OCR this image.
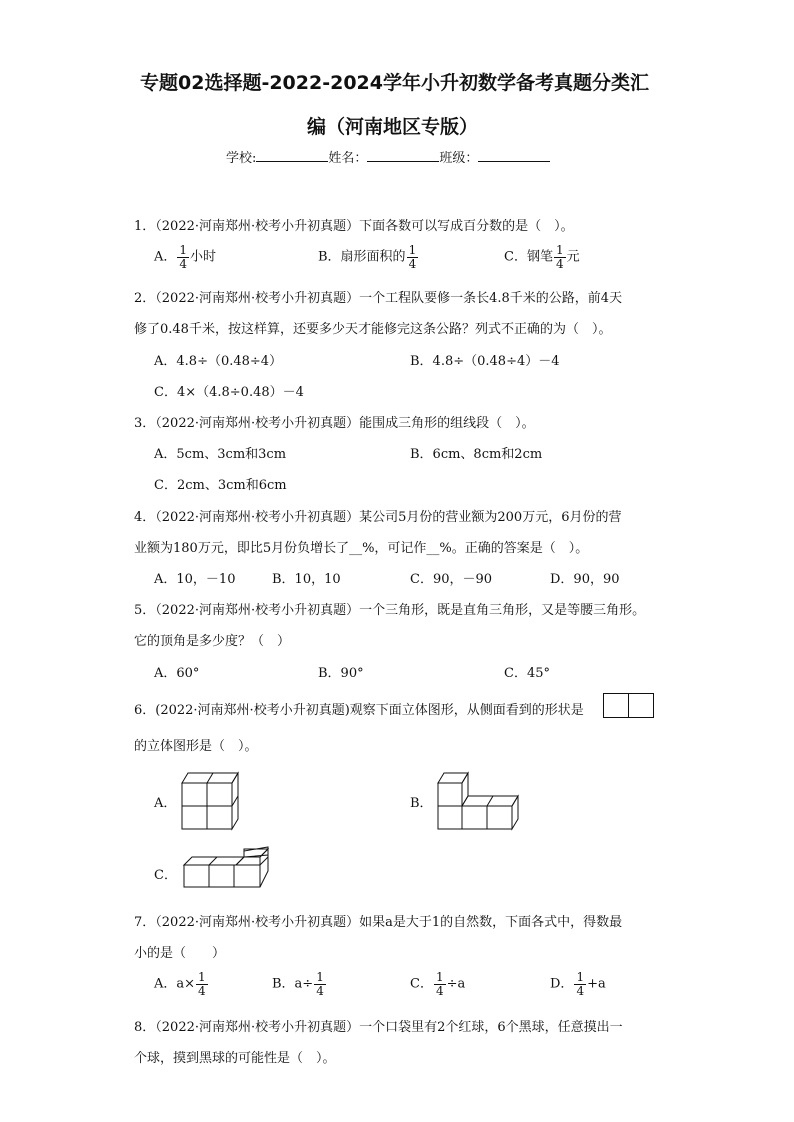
专题02选择题-2022-2024学年小升初数学备考真题分类汇
编（河南地区专版）
学校:	姓名：	班级：
1．（2022·河南郑州·校考小升初真题）下面各数可以写成百分数的是（　）。
A． $\frac{1}{4}$ 小时	B．扇形面积的 $\frac{1}{4}$	C．钢笔 $\frac{1}{4}$ 元
2．（2022·河南郑州·校考小升初真题）一个工程队要修一条长4.8千米的公路，前4天
修了0.48千米，按这样算，还要多少天才能修完这条公路？列式不正确的为（　）。
A．4.8÷（0.48÷4）	B．4.8÷（0.48÷4）－4
C．4×（4.8÷0.48）－4
3．（2022·河南郑州·校考小升初真题）能围成三角形的组线段（　）。
A．5cm、3cm和3cm	B．6cm、8cm和2cm
C．2cm、3cm和6cm
4．（2022·河南郑州·校考小升初真题）某公司5月份的营业额为200万元，6月份的营
业额为180万元，即比5月份负增长了__%，可记作__%。正确的答案是（　）。
A．10，－10	B．10，10	C．90，－90	D．90，90
5．（2022·河南郑州·校考小升初真题）一个三角形，既是直角三角形，又是等腰三角形。
它的顶角是多少度？（　）
A．60°	B．90°	C．45°
6．(2022·河南郑州·校考小升初真题)观察下面立体图形，从侧面看到的形状是
的立体图形是（　）。
A．	B．
C．
7．（2022·河南郑州·校考小升初真题）如果a是大于1的自然数，下面各式中，得数最
小的是（　　）
A．$a\times \frac{1}{4}$	B．$a\div \frac{1}{4}$	C． $\frac{1}{4} \div a$	D． $\frac{1}{4} +a$
8．（2022·河南郑州·校考小升初真题）一个口袋里有2个红球，6个黑球，任意摸出一
个球，摸到黑球的可能性是（　）。
